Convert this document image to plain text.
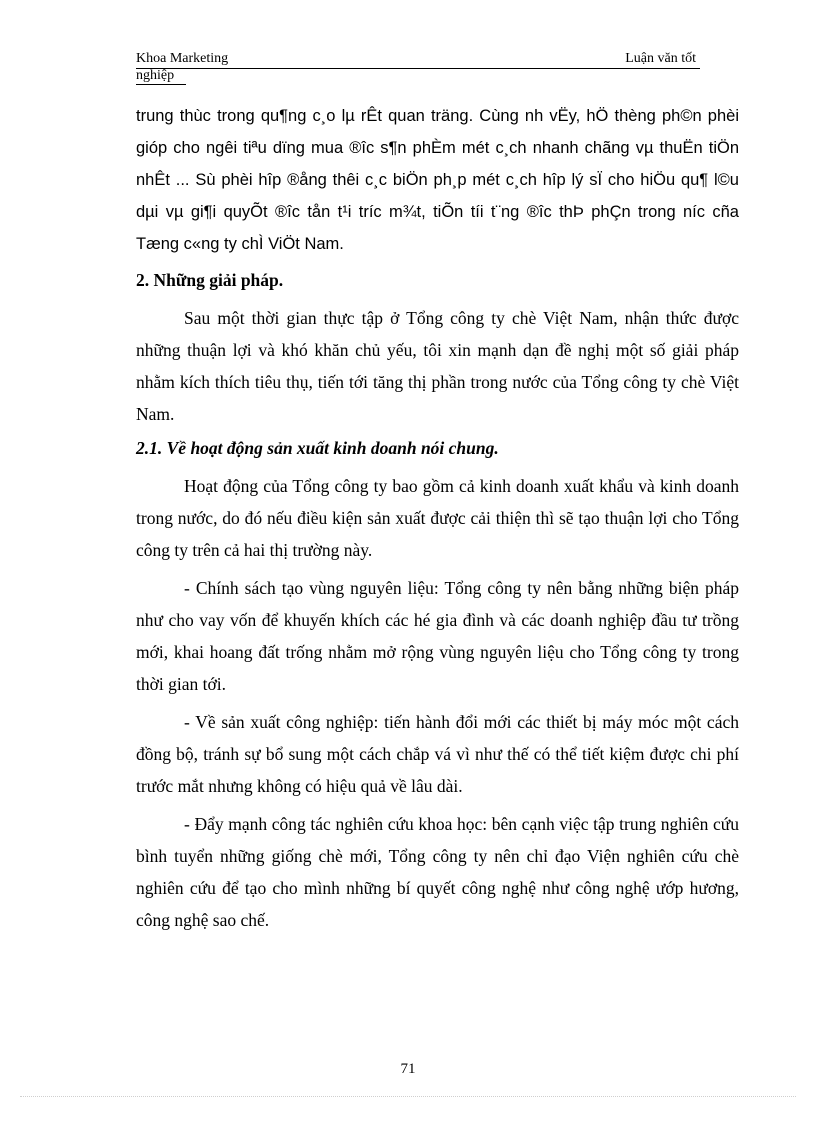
Khoa Marketing	Luận văn tốt
nghiệp

trung thùc trong qu¶ng c¸o lµ rÊt quan träng. Cùng nh vËy, hÖ thèng ph©n phèi gióp cho ngêi tiªu dïng mua ®îc s¶n phÈm mét c¸ch nhanh chãng vµ thuËn tiÖn nhÊt ... Sù phèi hîp ®ång thêi c¸c biÖn ph¸p mét c¸ch hîp lý sÏ cho hiÖu qu¶ l©u dµi vµ gi¶i quyÕt ®îc tån t¹i tríc m¾t, tiÕn tíi t¨ng ®îc thÞ phÇn trong níc cña Tæng c«ng ty chÌ ViÖt Nam.

2. Những giải pháp.

Sau một thời gian thực tập ở Tổng công ty chè Việt Nam, nhận thức được những thuận lợi và khó khăn chủ yếu, tôi xin mạnh dạn đề nghị một số giải pháp nhằm kích thích tiêu thụ, tiến tới tăng thị phần trong nước của Tổng công ty chè Việt Nam.

2.1. Về hoạt động sản xuất kinh doanh nói chung.

Hoạt động của Tổng công ty bao gồm cả kinh doanh xuất khẩu và kinh doanh trong nước, do đó nếu điều kiện sản xuất được cải thiện thì sẽ tạo thuận lợi cho Tổng công ty trên cả hai thị trường này.

- Chính sách tạo vùng nguyên liệu: Tổng công ty nên bằng những biện pháp như cho vay vốn để khuyến khích các hé gia đình và các doanh nghiệp đầu tư trồng mới, khai hoang đất trống nhằm mở rộng vùng nguyên liệu cho Tổng công ty trong thời gian tới.

- Về sản xuất công nghiệp: tiến hành đổi mới các thiết bị máy móc một cách đồng bộ, tránh sự bổ sung một cách chắp vá vì như thế có thể tiết kiệm được chi phí trước mắt nhưng không có hiệu quả về lâu dài.

- Đẩy mạnh công tác nghiên cứu khoa học: bên cạnh việc tập trung nghiên cứu bình tuyển những giống chè mới, Tổng công ty nên chỉ đạo Viện nghiên cứu chè nghiên cứu để tạo cho mình những bí quyết công nghệ như công nghệ ướp hương, công nghệ sao chế.

71
